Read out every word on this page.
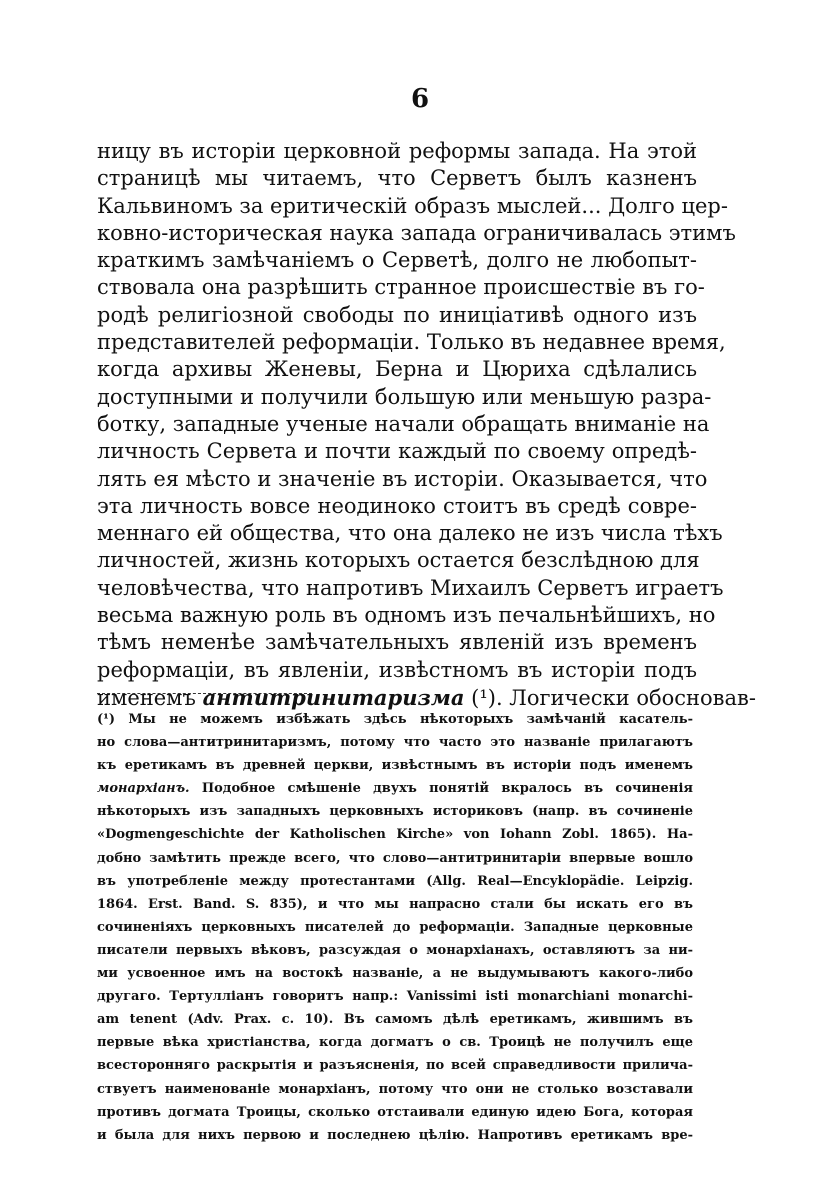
6
ницу въ исторіи церковной реформы запада. На этой
страницѣ мы читаемъ, что Серветъ былъ казненъ
Кальвиномъ за еритическій образъ мыслей... Долго цер-
ковно-историческая наука запада ограничивалась этимъ
краткимъ замѣчаніемъ о Серветѣ, долго не любопыт-
ствовала она разрѣшить странное происшествіе въ го-
родѣ религіозной свободы по иниціативѣ одного изъ
представителей реформаціи. Только въ недавнее время,
когда архивы Женевы, Берна и Цюриха сдѣлались
доступными и получили большую или меньшую разра-
ботку, западные ученые начали обращать вниманіе на
личность Сервета и почти каждый по своему опредѣ-
лять ея мѣсто и значеніе въ исторіи. Оказывается, что
эта личность вовсе неодиноко стоитъ въ средѣ совре-
меннаго ей общества, что она далеко не изъ числа тѣхъ
личностей, жизнь которыхъ остается безслѣдною для
человѣчества, что напротивъ Михаилъ Серветъ играетъ
весьма важную роль въ одномъ изъ печальнѣйшихъ, но
тѣмъ неменѣе замѣчательныхъ явленій изъ временъ
реформаціи, въ явленіи, извѣстномъ въ исторіи подъ
именемъ антитринитаризма (¹). Логически обосновав-
(¹) Мы не можемъ избѣжать здѣсь нѣкоторыхъ замѣчаній касатель-
но слова—антитринитаризмъ, потому что часто это названіе прилагаютъ
къ еретикамъ въ древней церкви, извѣстнымъ въ исторіи подъ именемъ
монархіанъ. Подобное смѣшеніе двухъ понятій вкралось въ сочиненія
нѣкоторыхъ изъ западныхъ церковныхъ историковъ (напр. въ сочиненіе
«Dogmengeschichte der Katholischen Kirche» von Iohann Zobl. 1865). На-
добно замѣтить прежде всего, что слово—антитринитаріи впервые вошло
въ употребленіе между протестантами (Allg. Real—Encyklopädie. Leipzig.
1864. Erst. Band. S. 835), и что мы напрасно стали бы искать его въ
сочиненіяхъ церковныхъ писателей до реформаціи. Западные церковные
писатели первыхъ вѣковъ, разсуждая о монархіанахъ, оставляютъ за ни-
ми усвоенное имъ на востокѣ названіе, а не выдумываютъ какого-либо
другаго. Тертулліанъ говоритъ напр.: Vanissimi isti monarchiani monarchi-
am tenent (Adv. Prax. c. 10). Въ самомъ дѣлѣ еретикамъ, жившимъ въ
первые вѣка христіанства, когда догматъ о св. Троицѣ не получилъ еще
всесторонняго раскрытія и разъясненія, по всей справедливости прилича-
ствуетъ наименованіе монархіанъ, потому что они не столько возставали
противъ догмата Троицы, сколько отстаивали единую идею Бога, которая
и была для нихъ первою и последнею цѣлію. Напротивъ еретикамъ вре-
